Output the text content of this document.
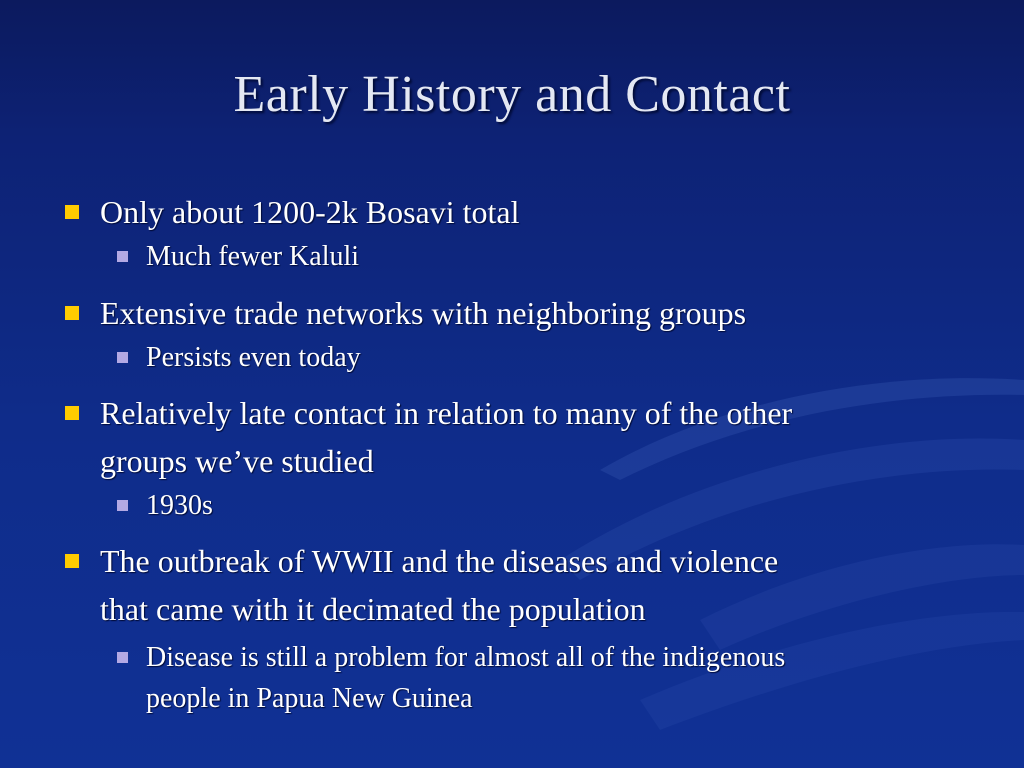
Early History and Contact
Only about 1200-2k Bosavi total
Much fewer Kaluli
Extensive trade networks with neighboring groups
Persists even today
Relatively late contact in relation to many of the other
groups we’ve studied
1930s
The outbreak of WWII and the diseases and violence
that came with it decimated the population
Disease is still a problem for almost all of the indigenous
people in Papua New Guinea
